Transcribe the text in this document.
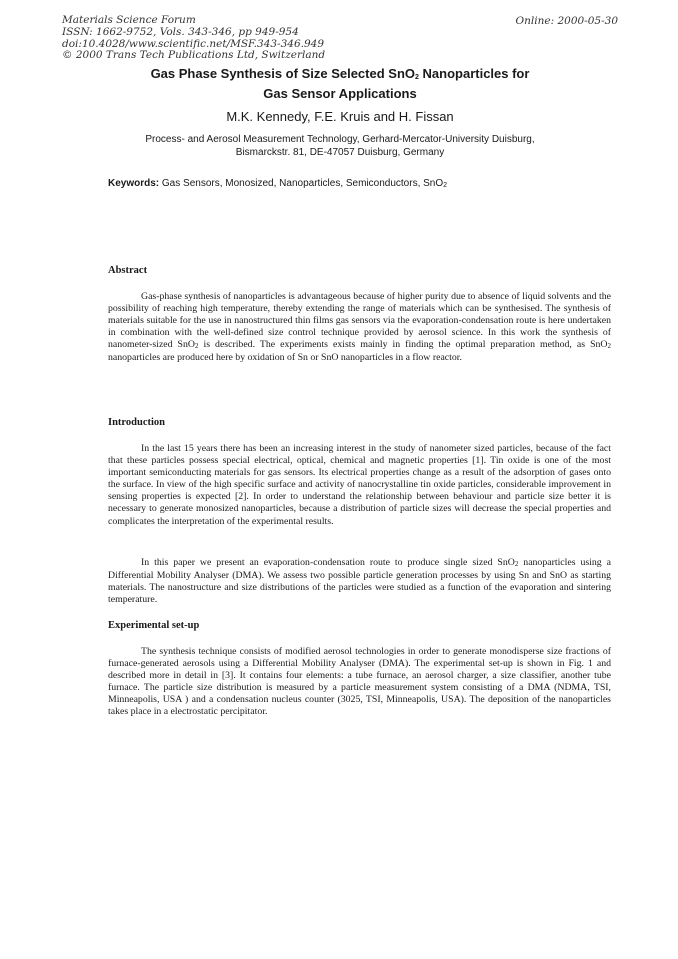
Materials Science Forum
ISSN: 1662-9752, Vols. 343-346, pp 949-954
doi:10.4028/www.scientific.net/MSF.343-346.949
© 2000 Trans Tech Publications Ltd, Switzerland
Online: 2000-05-30
Gas Phase Synthesis of Size Selected SnO$_2$ Nanoparticles for
Gas Sensor Applications
M.K. Kennedy, F.E. Kruis and H. Fissan
Process- and Aerosol Measurement Technology, Gerhard-Mercator-University Duisburg,
Bismarckstr. 81, DE-47057 Duisburg, Germany
Keywords: Gas Sensors, Monosized, Nanoparticles, Semiconductors, SnO$_2$
Abstract

Gas-phase synthesis of nanoparticles is advantageous because of higher purity due to absence of liquid solvents and the possibility of reaching high temperature, thereby extending the range of materials which can be synthesised. The synthesis of materials suitable for the use in nanostructured thin films gas sensors via the evaporation-condensation route is here undertaken in combination with the well-defined size control technique provided by aerosol science. In this work the synthesis of nanometer-sized SnO$_2$ is described. The experiments exists mainly in finding the optimal preparation method, as SnO$_2$ nanoparticles are produced here by oxidation of Sn or SnO nanoparticles in a flow reactor.

Introduction

In the last 15 years there has been an increasing interest in the study of nanometer sized particles, because of the fact that these particles possess special electrical, optical, chemical and magnetic properties [1]. Tin oxide is one of the most important semiconducting materials for gas sensors. Its electrical properties change as a result of the adsorption of gases onto the surface. In view of the high specific surface and activity of nanocrystalline tin oxide particles, considerable improvement in sensing properties is expected [2]. In order to understand the relationship between behaviour and particle size better it is necessary to generate monosized nanoparticles, because a distribution of particle sizes will decrease the special properties and complicates the interpretation of the experimental results.

In this paper we present an evaporation-condensation route to produce single sized SnO$_2$ nanoparticles using a Differential Mobility Analyser (DMA). We assess two possible particle generation processes by using Sn and SnO as starting materials. The nanostructure and size distributions of the particles were studied as a function of the evaporation and sintering temperature.

Experimental set-up

The synthesis technique consists of modified aerosol technologies in order to generate monodisperse size fractions of furnace-generated aerosols using a Differential Mobility Analyser (DMA). The experimental set-up is shown in Fig. 1 and described more in detail in [3]. It contains four elements: a tube furnace, an aerosol charger, a size classifier, another tube furnace. The particle size distribution is measured by a particle measurement system consisting of a DMA (NDMA, TSI, Minneapolis, USA ) and a condensation nucleus counter (3025, TSI, Minneapolis, USA). The deposition of the nanoparticles takes place in a electrostatic percipitator.
